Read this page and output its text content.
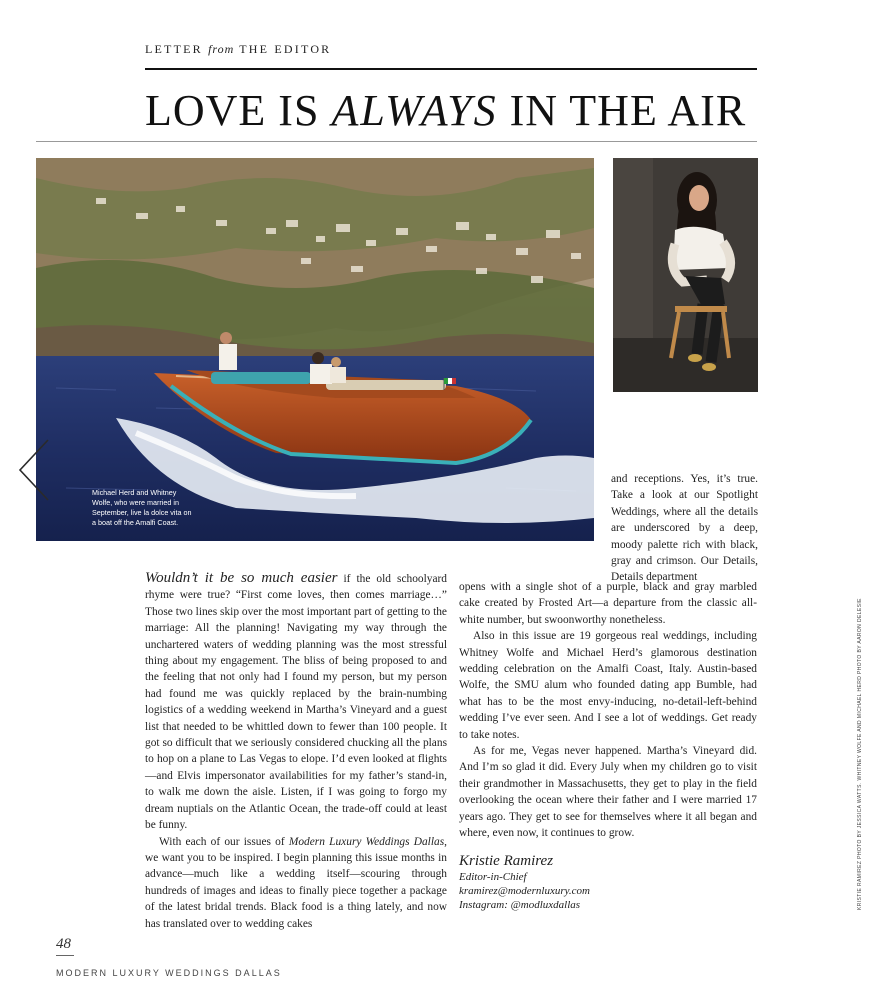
LETTER from THE EDITOR
LOVE IS ALWAYS IN THE AIR
Michael Herd and Whitney Wolfe, who were married in September, live la dolce vita on a boat off the Amalfi Coast.

and receptions. Yes, it’s true. Take a look at our Spotlight Weddings, where all the details are underscored by a deep, moody palette rich with black, gray and crimson. Our Details, Details department

Wouldn’t it be so much easier if the old schoolyard rhyme were true? “First come loves, then comes marriage…” Those two lines skip over the most important part of getting to the marriage: All the planning! Navigating my way through the unchartered waters of wedding planning was the most stressful thing about my engagement. The bliss of being proposed to and the feeling that not only had I found my person, but my person had found me was quickly replaced by the brain-numbing logistics of a wedding weekend in Martha’s Vineyard and a guest list that needed to be whittled down to fewer than 100 people. It got so difficult that we seriously considered chucking all the plans to hop on a plane to Las Vegas to elope. I’d even looked at flights—and Elvis impersonator availabilities for my father’s stand-in, to walk me down the aisle. Listen, if I was going to forgo my dream nuptials on the Atlantic Ocean, the trade-off could at least be funny.

With each of our issues of Modern Luxury Weddings Dallas, we want you to be inspired. I begin planning this issue months in advance—much like a wedding itself—scouring through hundreds of images and ideas to finally piece together a package of the latest bridal trends. Black food is a thing lately, and now has translated over to wedding cakes

opens with a single shot of a purple, black and gray marbled cake created by Frosted Art—a departure from the classic all-white number, but swoonworthy nonetheless.

Also in this issue are 19 gorgeous real weddings, including Whitney Wolfe and Michael Herd’s glamorous destination wedding celebration on the Amalfi Coast, Italy. Austin-based Wolfe, the SMU alum who founded dating app Bumble, had what has to be the most envy-inducing, no-detail-left-behind wedding I’ve ever seen. And I see a lot of weddings. Get ready to take notes.

As for me, Vegas never happened. Martha’s Vineyard did. And I’m so glad it did. Every July when my children go to visit their grandmother in Massachusetts, they get to play in the field overlooking the ocean where their father and I were married 17 years ago. They get to see for themselves where it all began and where, even now, it continues to grow.

Kristie Ramirez
Editor-in-Chief
kramirez@modernluxury.com
Instagram: @modluxdallas	KRISTIE RAMIREZ PHOTO BY JESSICA WATTS. WHITNEY WOLFE AND MICHAEL HERD PHOTO BY AARON DELESIE
48
MODERN LUXURY WEDDINGS DALLAS
